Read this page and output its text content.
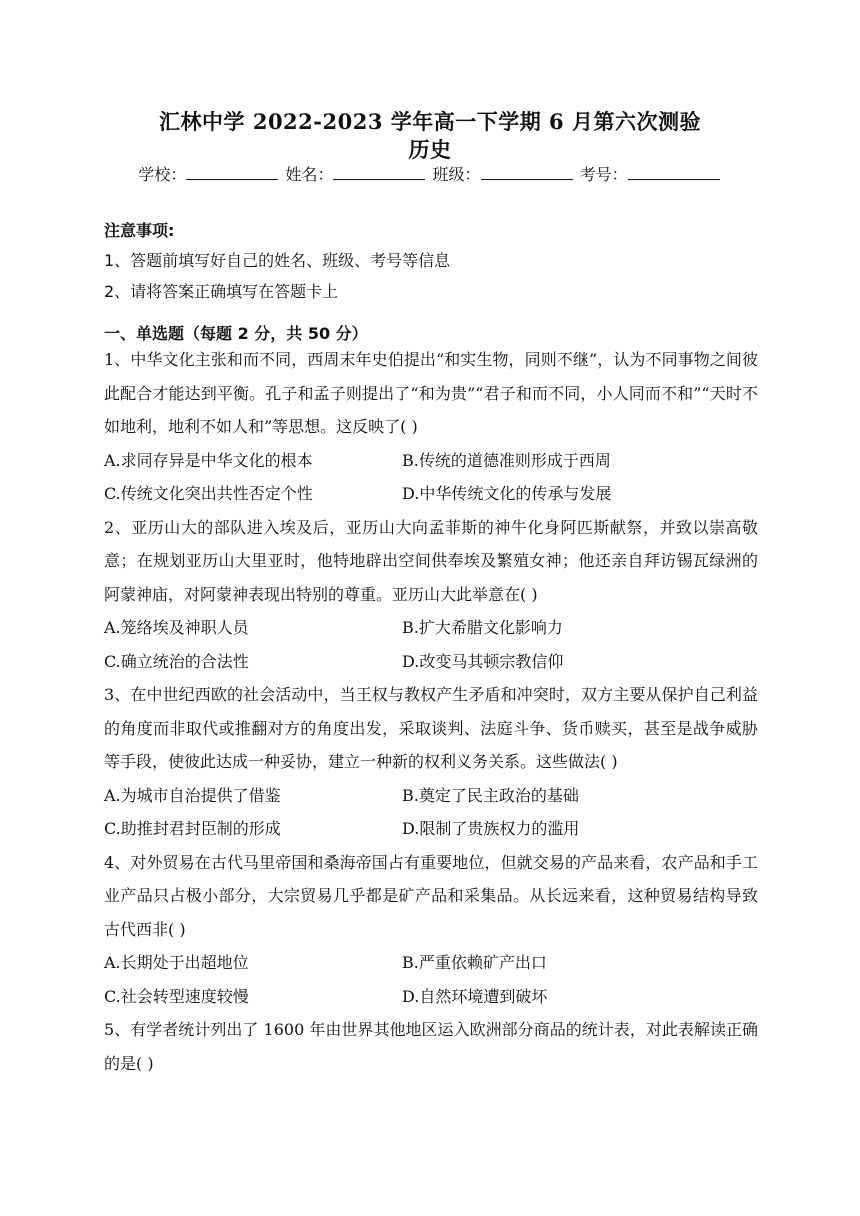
汇林中学 2022-2023 学年高一下学期 6 月第六次测验
历史
学校：	姓名：	班级：	考号：
注意事项:
1、答题前填写好自己的姓名、班级、考号等信息
2、请将答案正确填写在答题卡上
一、单选题（每题 2 分，共 50 分）

1、中华文化主张和而不同，西周末年史伯提出“和实生物，同则不继”，认为不同事物之间彼此配合才能达到平衡。孔子和孟子则提出了“和为贵”“君子和而不同，小人同而不和”“天时不如地利，地利不如人和”等思想。这反映了( )

A.求同存异是中华文化的根本	B.传统的道德准则形成于西周
C.传统文化突出共性否定个性	D.中华传统文化的传承与发展

2、亚历山大的部队进入埃及后，亚历山大向孟菲斯的神牛化身阿匹斯献祭，并致以崇高敬意；在规划亚历山大里亚时，他特地辟出空间供奉埃及繁殖女神；他还亲自拜访锡瓦绿洲的阿蒙神庙，对阿蒙神表现出特别的尊重。亚历山大此举意在( )

A.笼络埃及神职人员	B.扩大希腊文化影响力
C.确立统治的合法性	D.改变马其顿宗教信仰

3、在中世纪西欧的社会活动中，当王权与教权产生矛盾和冲突时，双方主要从保护自己利益的角度而非取代或推翻对方的角度出发，采取谈判、法庭斗争、货币赎买，甚至是战争威胁等手段，使彼此达成一种妥协，建立一种新的权利义务关系。这些做法( )

A.为城市自治提供了借鉴	B.奠定了民主政治的基础
C.助推封君封臣制的形成	D.限制了贵族权力的滥用

4、对外贸易在古代马里帝国和桑海帝国占有重要地位，但就交易的产品来看，农产品和手工业产品只占极小部分，大宗贸易几乎都是矿产品和采集品。从长远来看，这种贸易结构导致古代西非( )

A.长期处于出超地位	B.严重依赖矿产出口
C.社会转型速度较慢	D.自然环境遭到破坏

5、有学者统计列出了 1600 年由世界其他地区运入欧洲部分商品的统计表，对此表解读正确的是( )
